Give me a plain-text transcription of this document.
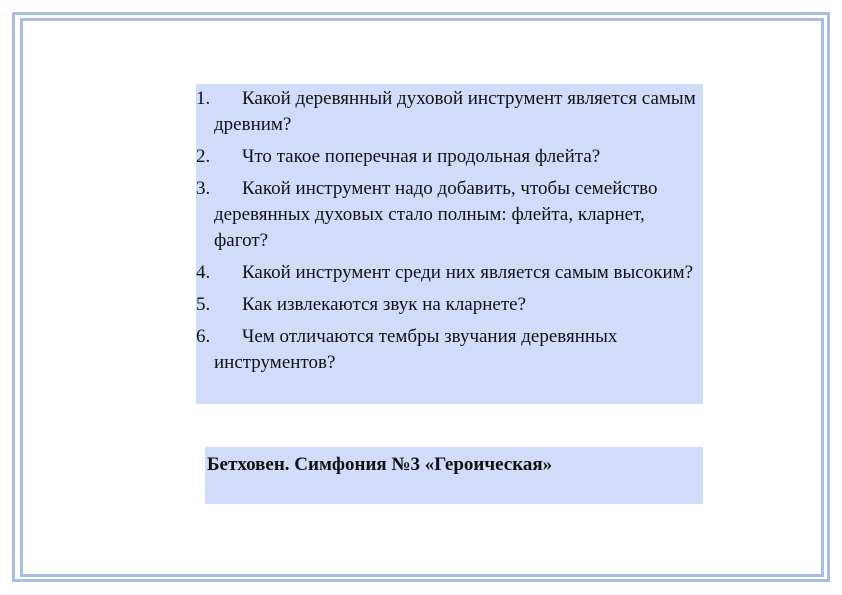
1.	Какой деревянный духовой инструмент является самым древним?
2.	Что такое поперечная и продольная флейта?
3.	Какой инструмент надо добавить, чтобы семейство деревянных духовых стало полным: флейта, кларнет, фагот?
4.	Какой инструмент среди них является самым высоким?
5.	Как извлекаются звук на кларнете?
6.	Чем отличаются тембры звучания деревянных инструментов?
Бетховен. Симфония №3 «Героическая»
